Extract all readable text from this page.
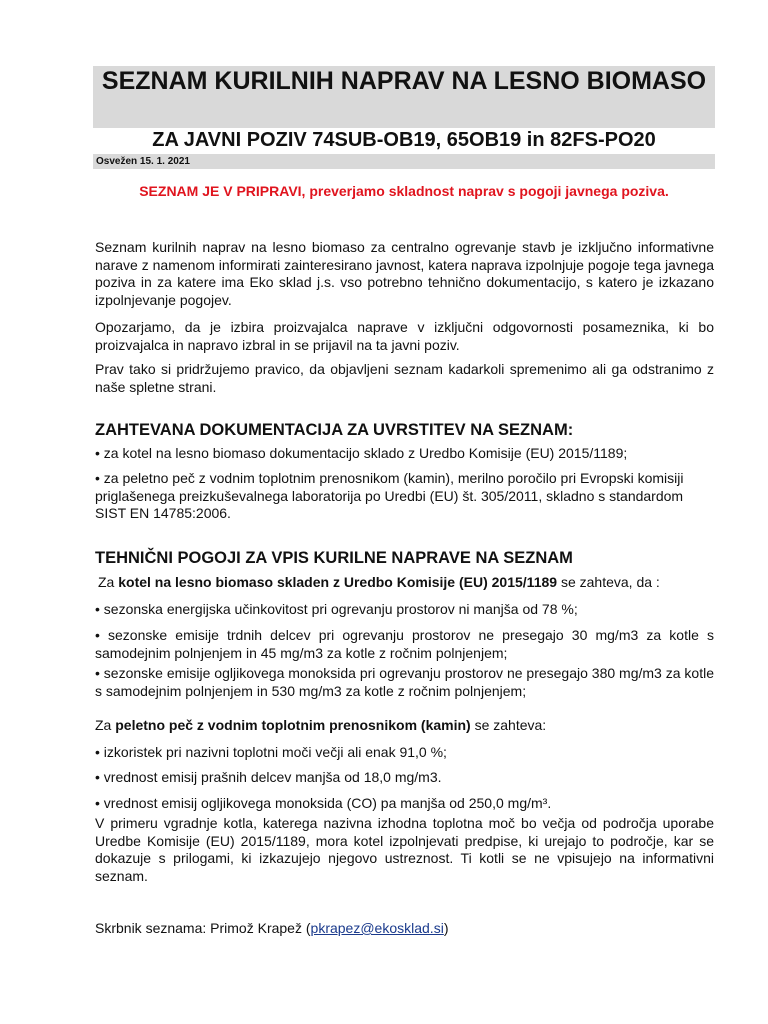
SEZNAM KURILNIH NAPRAV NA LESNO BIOMASO
ZA JAVNI POZIV 74SUB-OB19, 65OB19 in 82FS-PO20
Osvežen 15. 1. 2021
SEZNAM JE V PRIPRAVI, preverjamo skladnost naprav s pogoji javnega poziva.

Seznam kurilnih naprav na lesno biomaso za centralno ogrevanje stavb je izključno informativne narave z namenom informirati zainteresirano javnost, katera naprava izpolnjuje pogoje tega javnega poziva in za katere ima Eko sklad j.s. vso potrebno tehnično dokumentacijo, s katero je izkazano izpolnjevanje pogojev.

Opozarjamo, da je izbira proizvajalca naprave v izključni odgovornosti posameznika, ki bo proizvajalca in napravo izbral in se prijavil na ta javni poziv.

Prav tako si pridržujemo pravico, da objavljeni seznam kadarkoli spremenimo ali ga odstranimo z naše spletne strani.

ZAHTEVANA DOKUMENTACIJA ZA UVRSTITEV NA SEZNAM:

• za kotel na lesno biomaso dokumentacijo sklado z Uredbo Komisije (EU) 2015/1189;

• za peletno peč z vodnim toplotnim prenosnikom (kamin), merilno poročilo pri Evropski komisiji priglašenega preizkuševalnega laboratorija po Uredbi (EU) št. 305/2011, skladno s standardom SIST EN 14785:2006.

TEHNIČNI POGOJI ZA VPIS KURILNE NAPRAVE NA SEZNAM

Za kotel na lesno biomaso skladen z Uredbo Komisije (EU) 2015/1189 se zahteva, da :

• sezonska energijska učinkovitost pri ogrevanju prostorov ni manjša od 78 %;

• sezonske emisije trdnih delcev pri ogrevanju prostorov ne presegajo 30 mg/m3 za kotle s samodejnim polnjenjem in 45 mg/m3 za kotle z ročnim polnjenjem;

• sezonske emisije ogljikovega monoksida pri ogrevanju prostorov ne presegajo 380 mg/m3 za kotle s samodejnim polnjenjem in 530 mg/m3 za kotle z ročnim polnjenjem;

Za peletno peč z vodnim toplotnim prenosnikom (kamin) se zahteva:

• izkoristek pri nazivni toplotni moči večji ali enak 91,0 %;

• vrednost emisij prašnih delcev manjša od 18,0 mg/m3.

• vrednost emisij ogljikovega monoksida (CO) pa manjša od 250,0 mg/m³.

V primeru vgradnje kotla, katerega nazivna izhodna toplotna moč bo večja od področja uporabe Uredbe Komisije (EU) 2015/1189, mora kotel izpolnjevati predpise, ki urejajo to področje, kar se dokazuje s prilogami, ki izkazujejo njegovo ustreznost. Ti kotli se ne vpisujejo na informativni seznam.

Skrbnik seznama: Primož Krapež (pkrapez@ekosklad.si)
